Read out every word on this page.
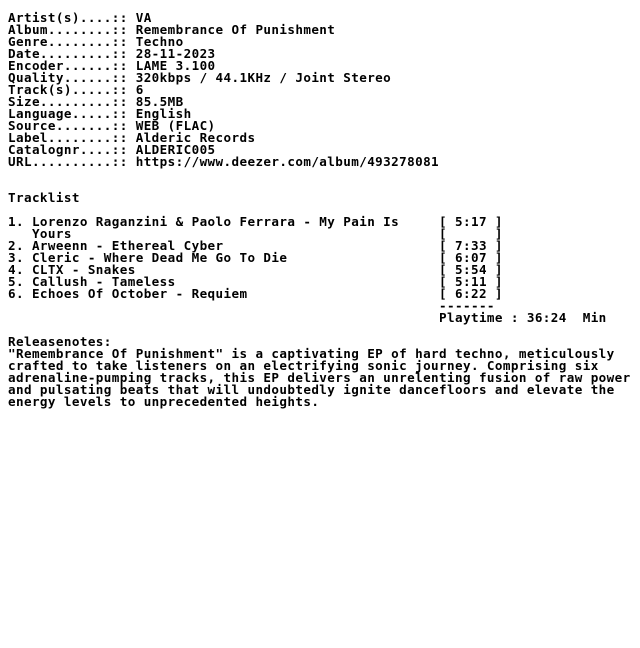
Artist(s)....:: VA
Album........:: Remembrance Of Punishment
Genre........:: Techno
Date.........:: 28-11-2023
Encoder......:: LAME 3.100
Quality......:: 320kbps / 44.1KHz / Joint Stereo
Track(s).....:: 6
Size.........:: 85.5MB
Language.....:: English
Source.......:: WEB (FLAC)
Label........:: Alderic Records
Catalognr....:: ALDERIC005
URL..........:: https://www.deezer.com/album/493278081
Tracklist
1. Lorenzo Raganzini & Paolo Ferrara - My Pain Is     [ 5:17 ]
Yours                                              [      ]
2. Arweenn - Ethereal Cyber                           [ 7:33 ]
3. Cleric - Where Dead Me Go To Die                   [ 6:07 ]
4. CLTX - Snakes                                      [ 5:54 ]
5. Callush - Tameless                                 [ 5:11 ]
6. Echoes Of October - Requiem                        [ 6:22 ]
-------
Playtime : 36:24  Min
Releasenotes:
"Remembrance Of Punishment" is a captivating EP of hard techno, meticulously
crafted to take listeners on an electrifying sonic journey. Comprising six
adrenaline-pumping tracks, this EP delivers an unrelenting fusion of raw power
and pulsating beats that will undoubtedly ignite dancefloors and elevate the
energy levels to unprecedented heights.
